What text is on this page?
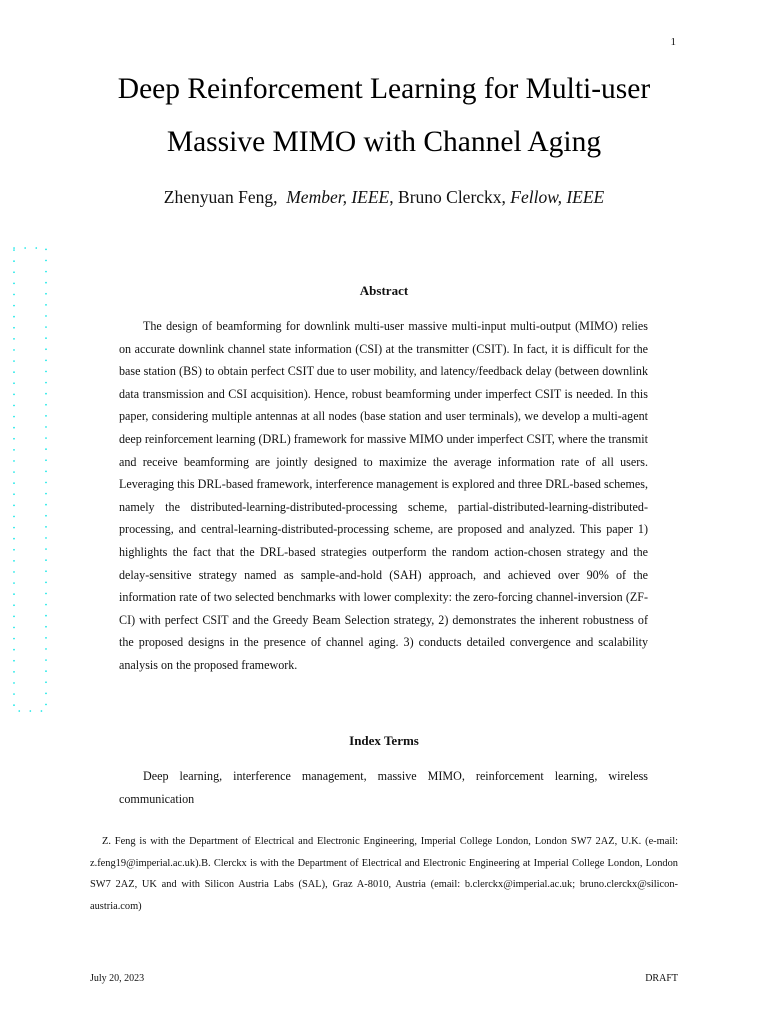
1
Deep Reinforcement Learning for Multi-user
Massive MIMO with Channel Aging
Zhenyuan Feng, Member, IEEE, Bruno Clerckx, Fellow, IEEE
Abstract

The design of beamforming for downlink multi-user massive multi-input multi-output (MIMO) relies on accurate downlink channel state information (CSI) at the transmitter (CSIT). In fact, it is difficult for the base station (BS) to obtain perfect CSIT due to user mobility, and latency/feedback delay (between downlink data transmission and CSI acquisition). Hence, robust beamforming under imperfect CSIT is needed. In this paper, considering multiple antennas at all nodes (base station and user terminals), we develop a multi-agent deep reinforcement learning (DRL) framework for massive MIMO under imperfect CSIT, where the transmit and receive beamforming are jointly designed to maximize the average information rate of all users. Leveraging this DRL-based framework, interference management is explored and three DRL-based schemes, namely the distributed-learning-distributed-processing scheme, partial-distributed-learning-distributed-processing, and central-learning-distributed-processing scheme, are proposed and analyzed. This paper 1) highlights the fact that the DRL-based strategies outperform the random action-chosen strategy and the delay-sensitive strategy named as sample-and-hold (SAH) approach, and achieved over 90% of the information rate of two selected benchmarks with lower complexity: the zero-forcing channel-inversion (ZF-CI) with perfect CSIT and the Greedy Beam Selection strategy, 2) demonstrates the inherent robustness of the proposed designs in the presence of channel aging. 3) conducts detailed convergence and scalability analysis on the proposed framework.

Index Terms

Deep learning, interference management, massive MIMO, reinforcement learning, wireless communication

Z. Feng is with the Department of Electrical and Electronic Engineering, Imperial College London, London SW7 2AZ, U.K. (e-mail: z.feng19@imperial.ac.uk).B. Clerckx is with the Department of Electrical and Electronic Engineering at Imperial College London, London SW7 2AZ, UK and with Silicon Austria Labs (SAL), Graz A-8010, Austria (email: b.clerckx@imperial.ac.uk; bruno.clerckx@silicon-austria.com)

July 20, 2023	DRAFT
